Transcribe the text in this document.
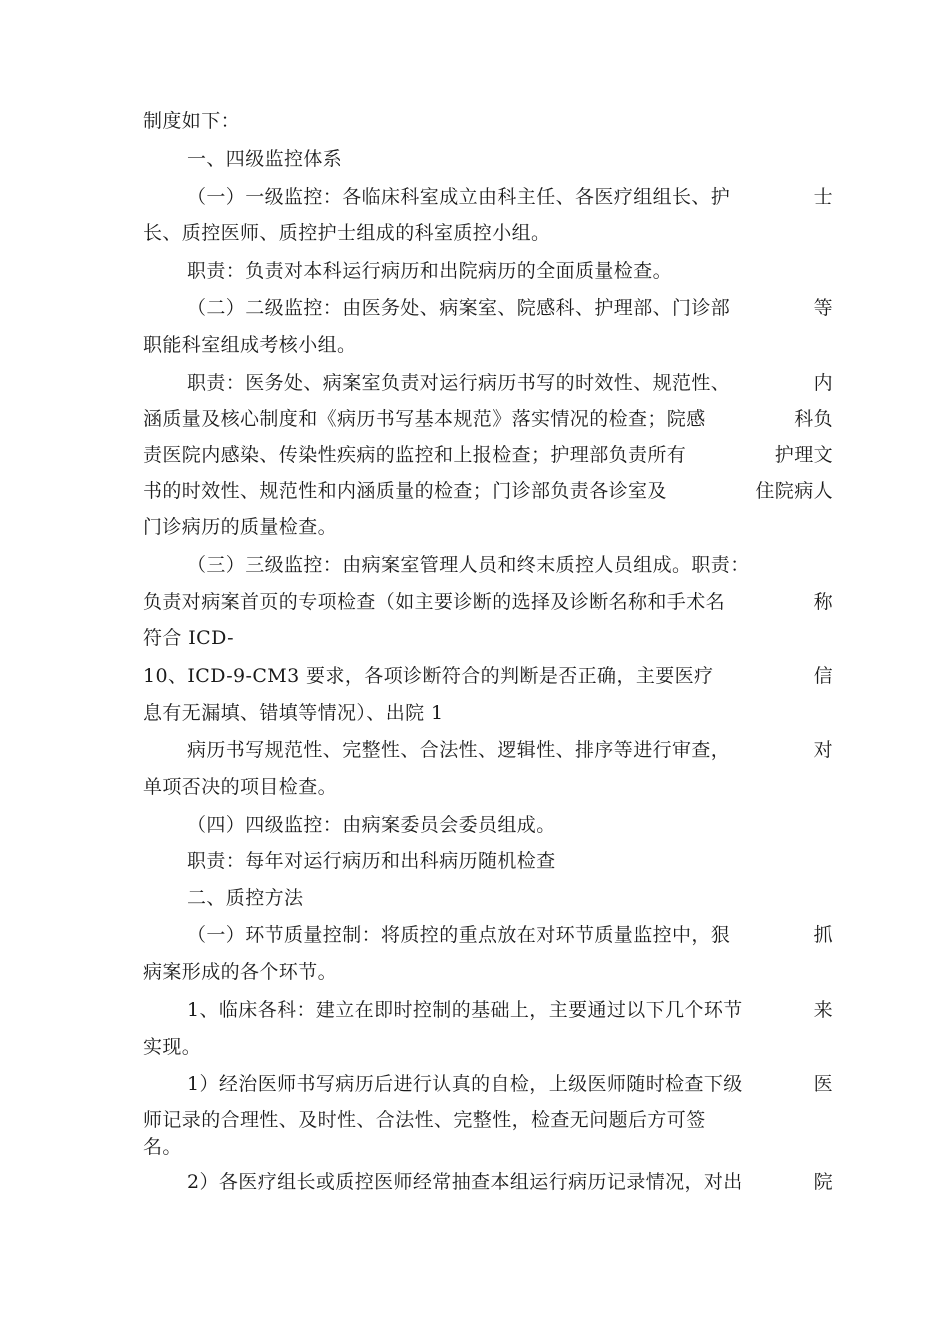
制度如下：
一、四级监控体系
（一）一级监控：各临床科室成立由科主任、各医疗组组长、护	士
长、质控医师、质控护士组成的科室质控小组。
职责：负责对本科运行病历和出院病历的全面质量检查。
（二）二级监控：由医务处、病案室、院感科、护理部、门诊部	等
职能科室组成考核小组。
职责：医务处、病案室负责对运行病历书写的时效性、规范性、	内
涵质量及核心制度和《病历书写基本规范》落实情况的检查；院感	科负
责医院内感染、传染性疾病的监控和上报检查；护理部负责所有	护理文
书的时效性、规范性和内涵质量的检查；门诊部负责各诊室及	住院病人
门诊病历的质量检查。
（三）三级监控：由病案室管理人员和终末质控人员组成。职责：
负责对病案首页的专项检查（如主要诊断的选择及诊断名称和手术名	称
符合 ICD-
10、ICD-9-CM3 要求，各项诊断符合的判断是否正确，主要医疗	信
息有无漏填、错填等情况）、出院 1
病历书写规范性、完整性、合法性、逻辑性、排序等进行审查，	对
单项否决的项目检查。
（四）四级监控：由病案委员会委员组成。
职责：每年对运行病历和出科病历随机检查
二、质控方法
（一）环节质量控制：将质控的重点放在对环节质量监控中，狠	抓
病案形成的各个环节。
1、临床各科：建立在即时控制的基础上，主要通过以下几个环节	来
实现。
1）经治医师书写病历后进行认真的自检，上级医师随时检查下级	医
师记录的合理性、及时性、合法性、完整性，检查无问题后方可签
名。
2）各医疗组长或质控医师经常抽查本组运行病历记录情况，对出	院
